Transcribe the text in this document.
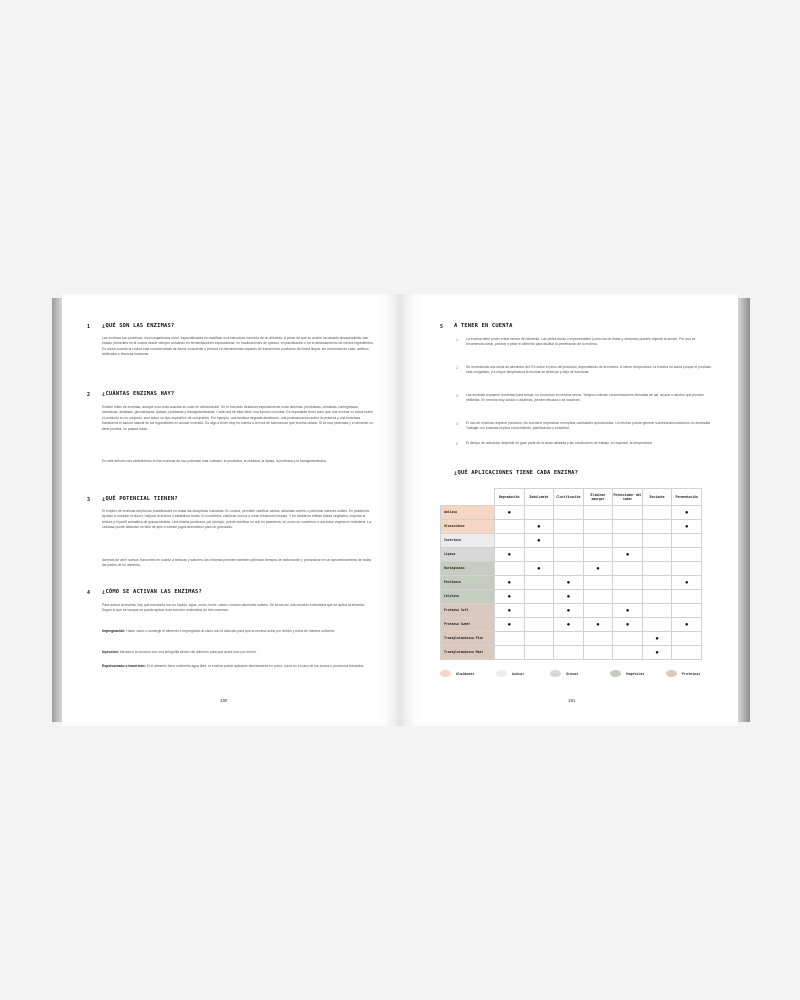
1 ¿QUÉ SON LAS ENZIMAS?
Las enzimas son proteínas, microorganismos vivos, especializadas en modificar una estructura concreta de un alimento. A pesar de que su acción ha pasado desapercibida, han estado presentes en la cocina desde siempre actuando en fermentaciones espontáneas, en maduraciones de quesos, en panificación o en el ablandamiento de ciertos ingredientes. Es ahora cuando la cocina está conociéndolas de forma consciente y precisa en herramientas capaces de transformar productos de forma limpia, sin necesidad de calor, aditivos artificiales o técnicas invasivas.
2 ¿CUÁNTAS ENZIMAS HAY?
Existen miles de enzimas, aunque solo unas cuantas se usan en alimentación. En el mercado destacan especialmente unas decenas: pectinasas, celulasas, naringinasas, invertasas, amilasas, glucosidasas, lipasas, proteasas y transglutaminasas. Cada una de ellas tiene una función concreta. Es importante tener claro que una enzima no actúa sobre el producto en su conjunto, sino sobre un tipo específico de compuesto. Por ejemplo, una amilasa degrada almidones, una proteasa actúa sobre la proteína y una invertasa transforma el azúcar natural de los ingredientes en azúcar invertido. Es algo a tener muy en cuenta a la hora de seleccionar qué enzima utilizar. Si se usa pectinasa y el alimento no tiene pectina, no pasará nada.
En este artículo nos centraremos en las enzimas de uso potencial más culinario: la pectinasa, la celulasa, la lipasa, la proteasa y la transglutaminasa.
3 ¿QUÉ POTENCIAL TIENEN?
El empleo de enzimas amplía las posibilidades en todas las disciplinas culinarias. En cocina, permiten clarificar caldos, ablandar carnes o potenciar sabores sutiles. En pastelería, ayudan a modular el dulzor, mejorar la textura o estabilizar frutas. En coctelería, clarifican zumos y crean infusiones limpias. Y en heladería refinan bases vegetales, mejoran la textura y el perfil aromático de grasas lácteas. Una misma pectinasa, por ejemplo, puede clarificar un culí en pastelería, un zumo en coctelería o una base vegetal en heladería. La celulasa puede ablandar un tallo de apio o extraer jugos aromáticos para un granizado.
Además de abrir nuevos horizontes en cuanto a texturas y sabores, las enzimas permiten también optimizar tiempos de elaboración y profundizar en un aprovechamiento de todas las partes de un alimento.
4 ¿CÓMO SE ACTIVAN LAS ENZIMAS?
Para activar la enzima, hay que mezclarla con un líquido: agua, zumo, leche, caldo o incluso alcoholes suaves. Se forma así una solución enzimática que se aplica al alimento. Según lo que se busque se puede aplicar esta solución enzimática de tres maneras:
Impregnación: Hacer vacío o sumergir el alimento e impregnarlo al vacío con la solución para que la enzima actúe por dentro y fuera de manera uniforme.
Inyección: Introducir la solución con una jeringuilla dentro del alimento para que actúe solo por dentro.
Espolvoreado o inmersión: Si el alimento tiene suficiente agua libre, la enzima puede aplicarse directamente en polvo, como en el caso de los zumos o productos triturados.
190
5 A TENER EN CUENTA
1 La enzima debe poder entrar dentro del alimento. Las pieles duras o impermeables (como las de frutas y verduras) pueden impedir la acción. Por eso se recomienda cortar, pinchar o pelar el alimento para facilitar la penetración de la enzima.
2 Se recomienda una dosis de alrededor del 2% sobre el peso del producto, dependiendo de la enzima. A menor temperatura, la enzima no actúa porque el producto está congelado, y a mayor temperatura la enzima se destruye y deja de funcionar.
3 Las enzimas requieren humedad para actuar; no funcionan en medios secos. Tampoco toleran concentraciones elevadas de sal, azúcar o alcohol que puedan inhibirlas. En medios muy ácidos o alcalinos, pierden eficacia o se inactivan.
4 El uso de enzimas requiere precisión. No conviene improvisar ni emplear cantidades aproximadas. Un exceso puede generar sobretransformaciones no deseadas. Trabajar con enzimas implica conocimiento, planificación y exactitud.
5 El tiempo de actuación depende en gran parte de la dosis utilizada y las condiciones de trabajo, en especial, la temperatura.
¿QUÉ APLICACIONES TIENE CADA ENZIMA?
	Degradación	Endulzante	Clarificación	Eliminar amargor	Potenciador del sabor	Enviante	Fermentación
Amilasa	●						●
Glucosidasa		●					●
Invertasa		●					
Lipasa	●				●		
Naringinasa		●		●			
Pectinasa	●		●				●
Celulasa	●		●				
Proteasa Soft	●		●		●		
Proteasa Sweet	●		●	●	●		●
Transglutaminasa Fish						●	
Transglutaminasa Meat						●	
Almidones	Azúcar	Grasas	Vegetales	Proteínas
191
